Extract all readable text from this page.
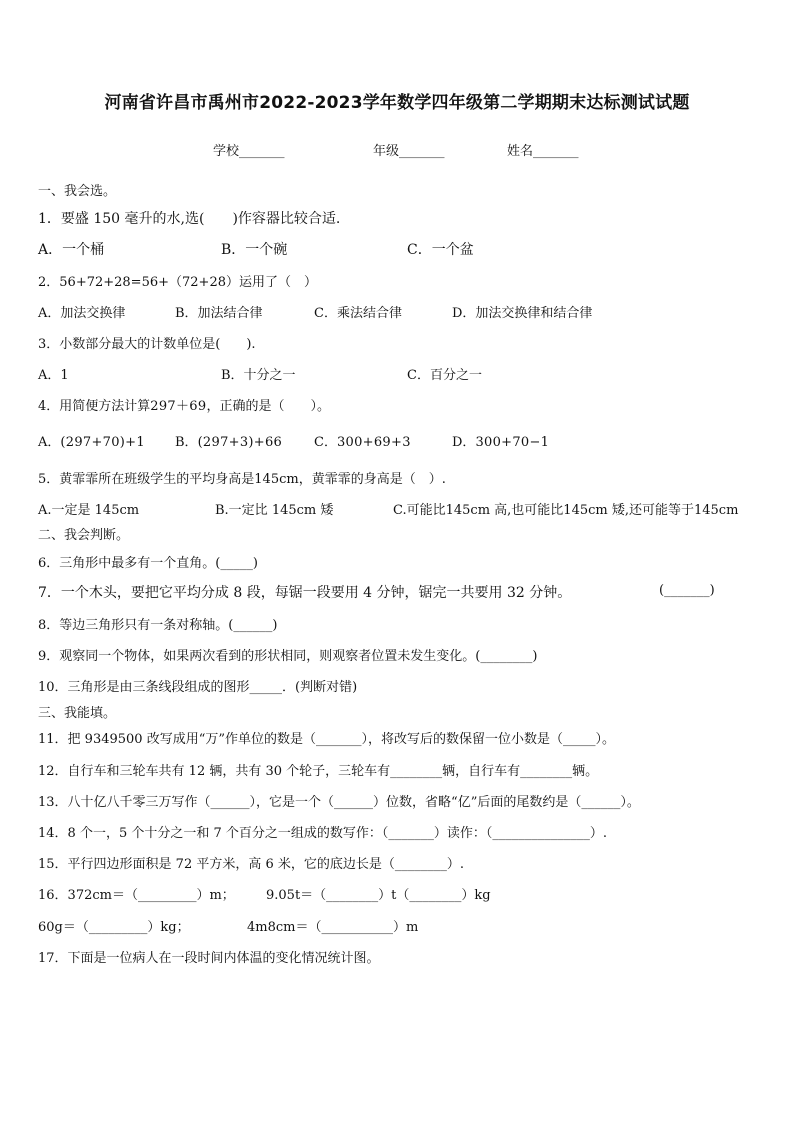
河南省许昌市禹州市2022-2023学年数学四年级第二学期期末达标测试试题
学校_______	年级_______	姓名_______
一、我会选。
1．要盛 150 毫升的水,选(　　)作容器比较合适.
A．一个桶	B．一个碗	C．一个盆
2．56+72+28=56+（72+28）运用了（　）
A．加法交换律	B．加法结合律	C．乘法结合律	D．加法交换律和结合律
3．小数部分最大的计数单位是(　　).
A．1	B．十分之一	C．百分之一
4．用简便方法计算297＋69，正确的是（　　）。
A．(297+70)+1 B．(297+3)+66 C．300+69+3	D．300+70−1
5．黄霏霏所在班级学生的平均身高是145cm，黄霏霏的身高是（　）.
A.一定是 145cm	B.一定比 145cm 矮	C.可能比145cm 高,也可能比145cm 矮,还可能等于145cm
二、我会判断。
6．三角形中最多有一个直角。(_____)
7．一个木头，要把它平均分成 8 段，每锯一段要用 4 分钟，锯完一共要用 32 分钟。	(_______)
8．等边三角形只有一条对称轴。(______)
9．观察同一个物体，如果两次看到的形状相同，则观察者位置未发生变化。(________)
10．三角形是由三条线段组成的图形_____．(判断对错)
三、我能填。
11．把 9349500 改写成用“万”作单位的数是（_______），将改写后的数保留一位小数是（_____）。
12．自行车和三轮车共有 12 辆，共有 30 个轮子，三轮车有________辆，自行车有________辆。
13．八十亿八千零三万写作（______），它是一个（______）位数，省略“亿”后面的尾数约是（______）。
14．8 个一，5 个十分之一和 7 个百分之一组成的数写作：（_______）读作：（_______________）.
15．平行四边形面积是 72 平方米，高 6 米，它的底边长是（________）.
16．372cm＝（_________）m； 9.05t＝（________）t（________）kg
60g＝（_________）kg；	4m8cm＝（___________）m
17．下面是一位病人在一段时间内体温的变化情况统计图。
